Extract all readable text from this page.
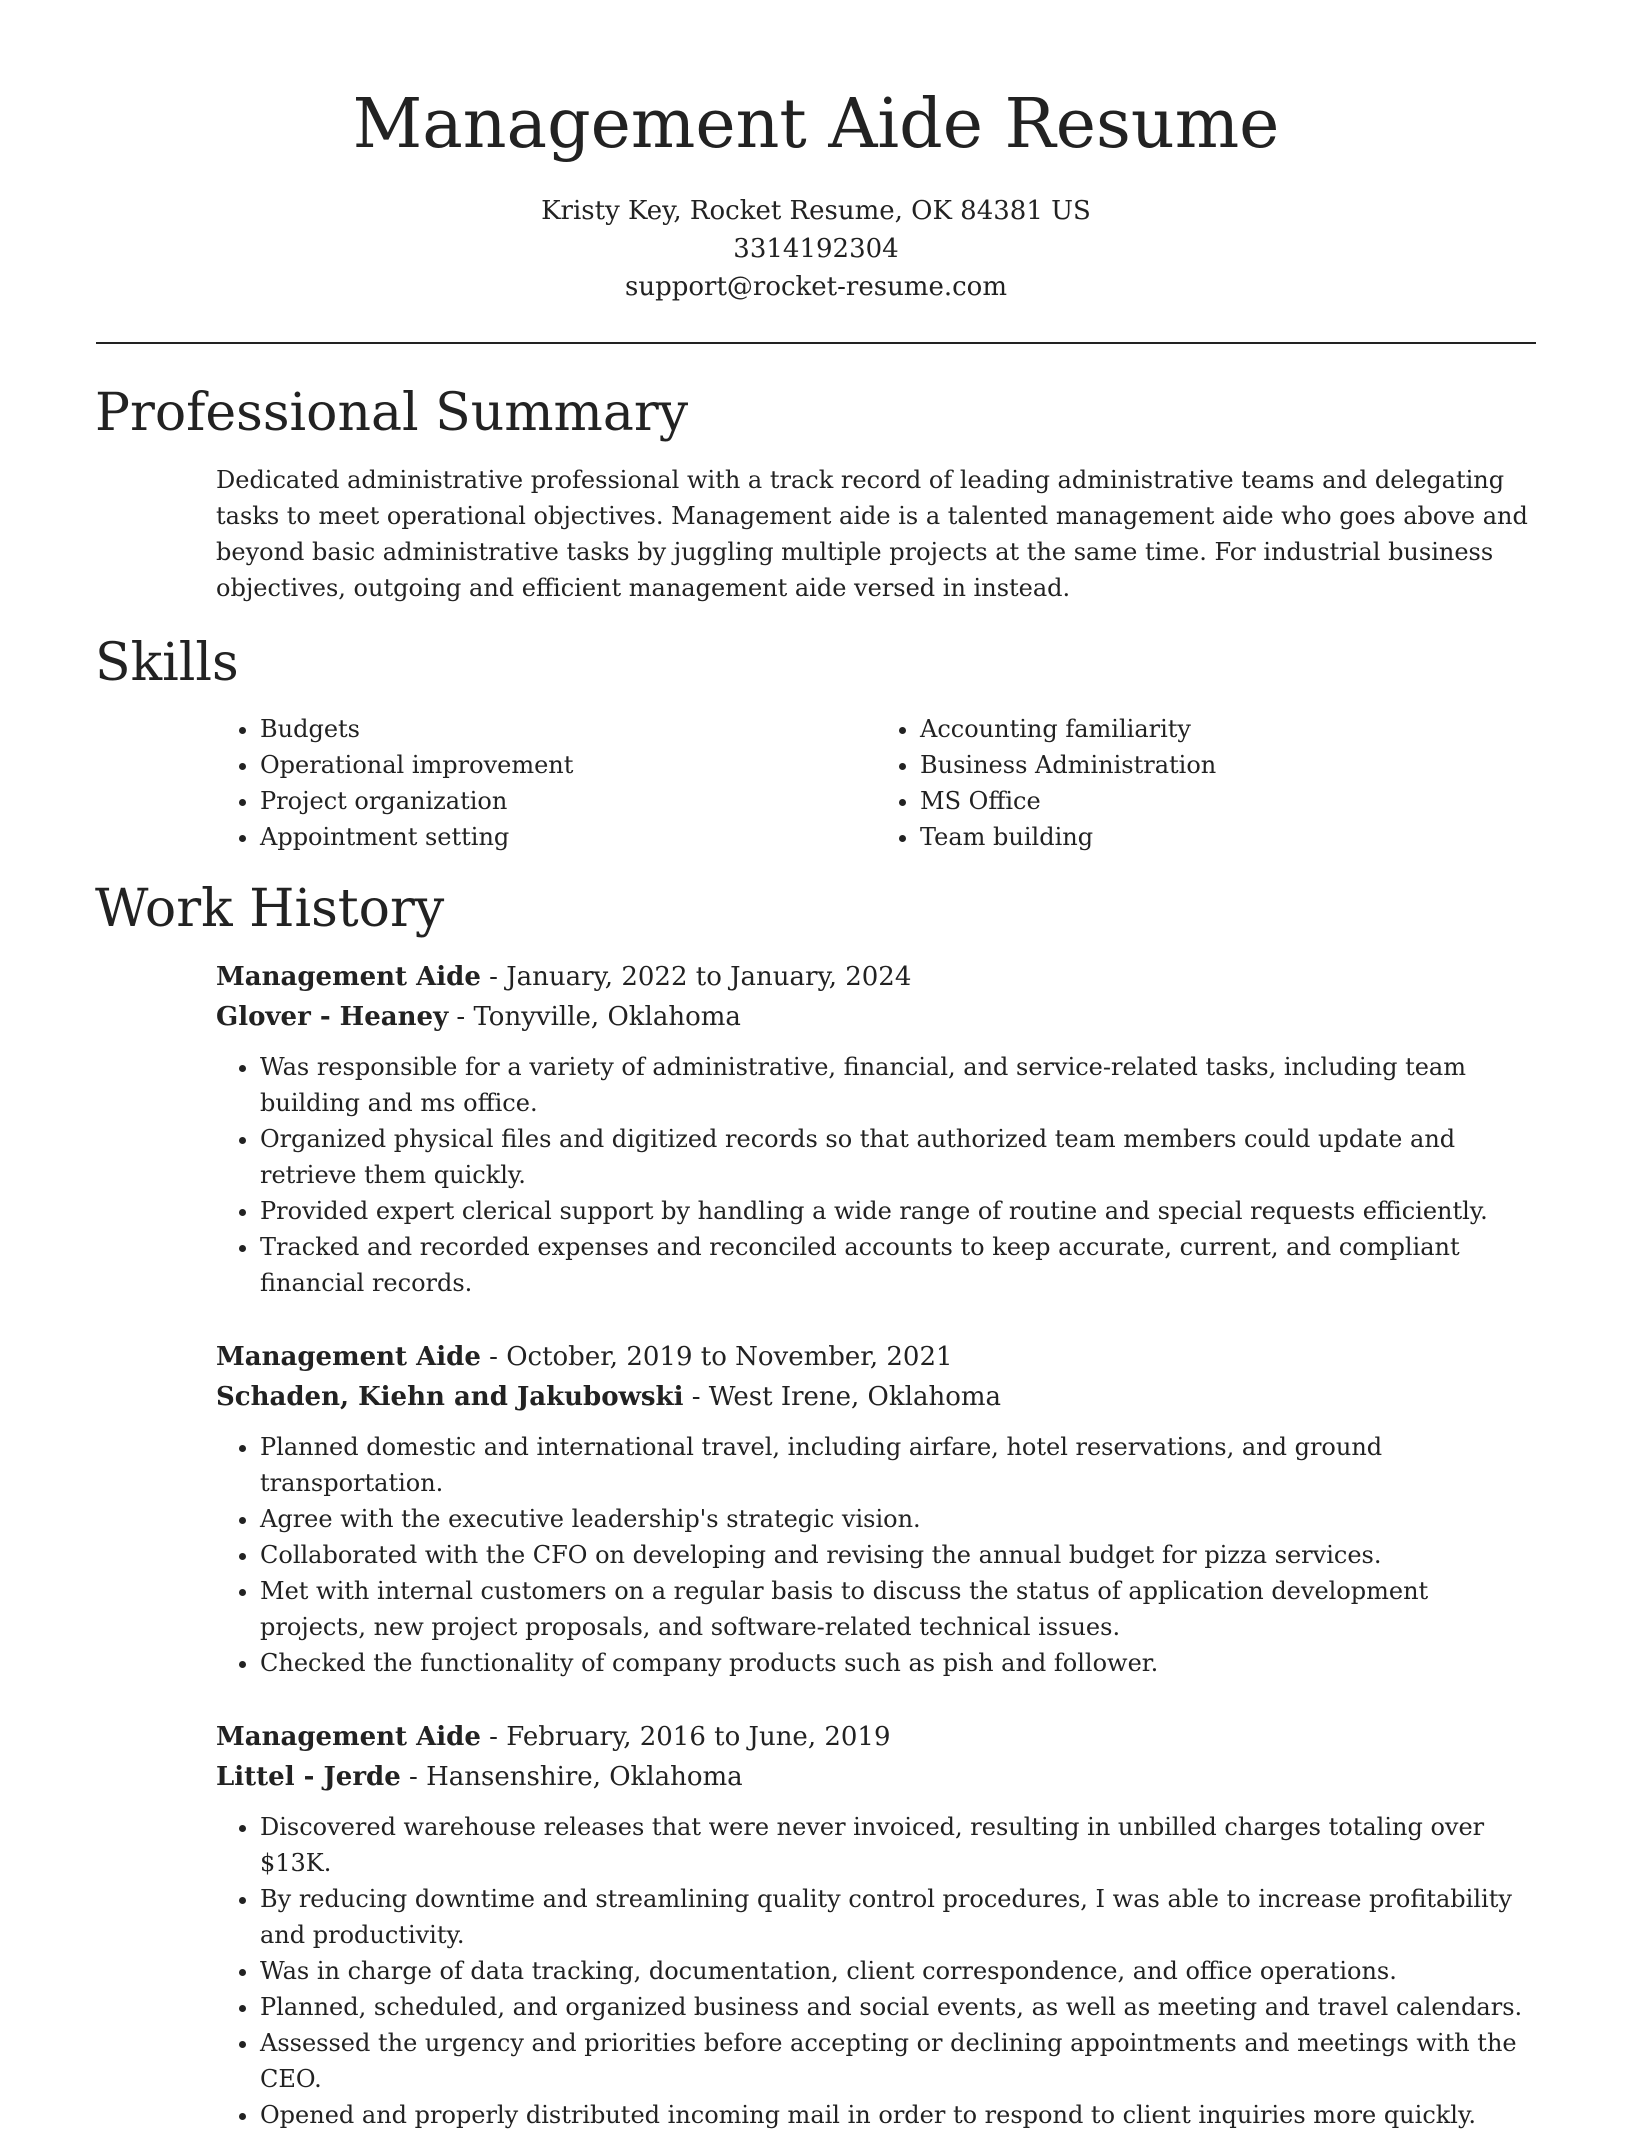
Management Aide Resume
Kristy Key, Rocket Resume, OK 84381 US
3314192304
support@rocket-resume.com
Professional Summary

Dedicated administrative professional with a track record of leading administrative teams and delegating tasks to meet operational objectives. Management aide is a talented management aide who goes above and beyond basic administrative tasks by juggling multiple projects at the same time. For industrial business objectives, outgoing and efficient management aide versed in instead.

Skills
• Budgets
• Operational improvement
• Project organization
• Appointment setting
• Accounting familiarity
• Business Administration
• MS Office
• Team building
Work History
Management Aide - January, 2022 to January, 2024
Glover - Heaney - Tonyville, Oklahoma
• Was responsible for a variety of administrative, financial, and service-related tasks, including team building and ms office.
• Organized physical files and digitized records so that authorized team members could update and retrieve them quickly.
• Provided expert clerical support by handling a wide range of routine and special requests efficiently.
• Tracked and recorded expenses and reconciled accounts to keep accurate, current, and compliant financial records.
Management Aide - October, 2019 to November, 2021
Schaden, Kiehn and Jakubowski - West Irene, Oklahoma
• Planned domestic and international travel, including airfare, hotel reservations, and ground transportation.
• Agree with the executive leadership's strategic vision.
• Collaborated with the CFO on developing and revising the annual budget for pizza services.
• Met with internal customers on a regular basis to discuss the status of application development projects, new project proposals, and software-related technical issues.
• Checked the functionality of company products such as pish and follower.
Management Aide - February, 2016 to June, 2019
Littel - Jerde - Hansenshire, Oklahoma
• Discovered warehouse releases that were never invoiced, resulting in unbilled charges totaling over $13K.
• By reducing downtime and streamlining quality control procedures, I was able to increase profitability and productivity.
• Was in charge of data tracking, documentation, client correspondence, and office operations.
• Planned, scheduled, and organized business and social events, as well as meeting and travel calendars.
• Assessed the urgency and priorities before accepting or declining appointments and meetings with the CEO.
• Opened and properly distributed incoming mail in order to respond to client inquiries more quickly.
